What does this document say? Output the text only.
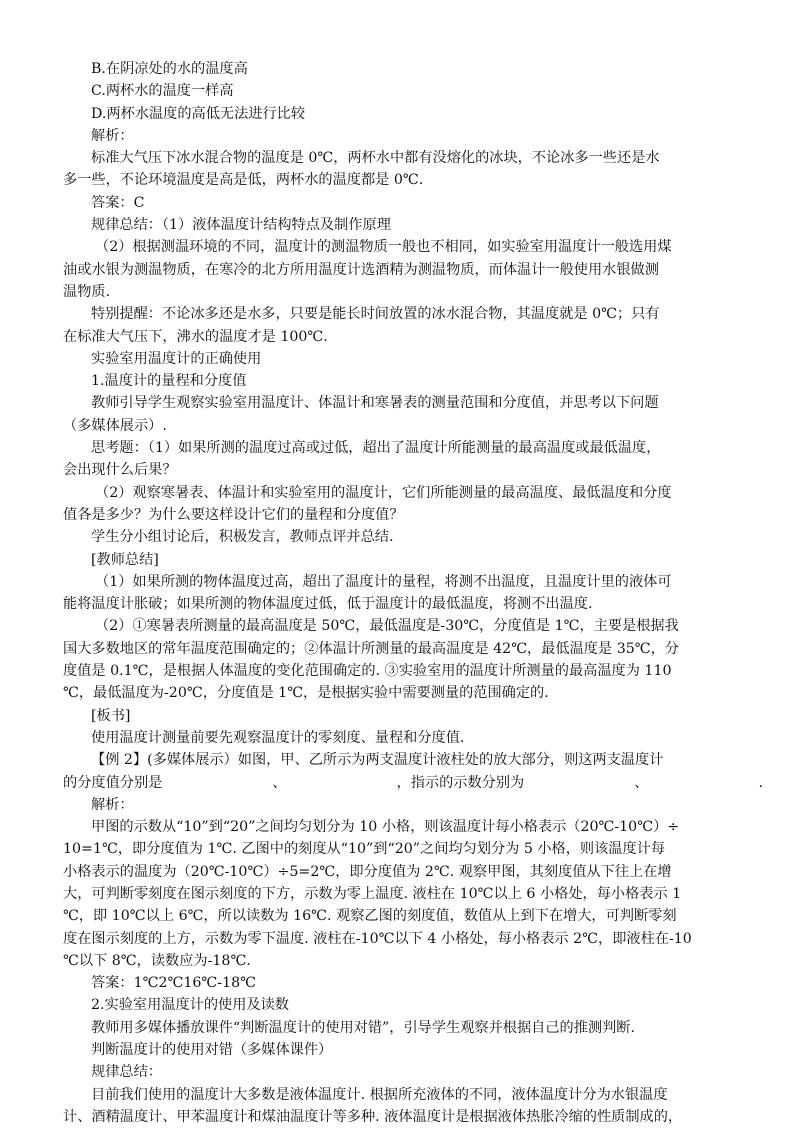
B.在阴凉处的水的温度高
C.两杯水的温度一样高
D.两杯水温度的高低无法进行比较
解析：
标准大气压下冰水混合物的温度是 0℃，两杯水中都有没熔化的冰块，不论冰多一些还是水
多一些，不论环境温度是高是低，两杯水的温度都是 0℃.
答案：C
规律总结：（1）液体温度计结构特点及制作原理
（2）根据测温环境的不同，温度计的测温物质一般也不相同，如实验室用温度计一般选用煤
油或水银为测温物质，在寒冷的北方所用温度计选酒精为测温物质，而体温计一般使用水银做测
温物质.
特别提醒：不论冰多还是水多，只要是能长时间放置的冰水混合物，其温度就是 0℃；只有
在标准大气压下，沸水的温度才是 100℃.
实验室用温度计的正确使用
1.温度计的量程和分度值
教师引导学生观察实验室用温度计、体温计和寒暑表的测量范围和分度值，并思考以下问题
（多媒体展示）.
思考题：（1）如果所测的温度过高或过低，超出了温度计所能测量的最高温度或最低温度，
会出现什么后果？
（2）观察寒暑表、体温计和实验室用的温度计，它们所能测量的最高温度、最低温度和分度
值各是多少？为什么要这样设计它们的量程和分度值？
学生分小组讨论后，积极发言，教师点评并总结.
[教师总结]
（1）如果所测的物体温度过高，超出了温度计的量程，将测不出温度，且温度计里的液体可
能将温度计胀破；如果所测的物体温度过低，低于温度计的最低温度，将测不出温度.
（2）①寒暑表所测量的最高温度是 50℃，最低温度是-30℃，分度值是 1℃，主要是根据我
国大多数地区的常年温度范围确定的；②体温计所测量的最高温度是 42℃，最低温度是 35℃，分
度值是 0.1℃，是根据人体温度的变化范围确定的. ③实验室用的温度计所测量的最高温度为 110
℃，最低温度为-20℃，分度值是 1℃，是根据实验中需要测量的范围确定的.
[板书]
使用温度计测量前要先观察温度计的零刻度、量程和分度值.
【例 2】(多媒体展示）如图，甲、乙所示为两支温度计液柱处的放大部分，则这两支温度计
的分度值分别是	、	，指示的示数分别为	、	.
解析：
甲图的示数从“10”到“20”之间均匀划分为 10 小格，则该温度计每小格表示（20℃-10℃）÷
10=1℃，即分度值为 1℃. 乙图中的刻度从“10”到“20”之间均匀划分为 5 小格，则该温度计每
小格表示的温度为（20℃-10℃）÷5=2℃，即分度值为 2℃. 观察甲图，其刻度值从下往上在增
大，可判断零刻度在图示刻度的下方，示数为零上温度. 液柱在 10℃以上 6 小格处，每小格表示 1
℃，即 10℃以上 6℃，所以读数为 16℃. 观察乙图的刻度值，数值从上到下在增大，可判断零刻
度在图示刻度的上方，示数为零下温度. 液柱在-10℃以下 4 小格处，每小格表示 2℃，即液柱在-10
℃以下 8℃，读数应为-18℃.
答案：1℃2℃16℃-18℃
2.实验室用温度计的使用及读数
教师用多媒体播放课件“判断温度计的使用对错”，引导学生观察并根据自己的推测判断.
判断温度计的使用对错（多媒体课件）
规律总结：
目前我们使用的温度计大多数是液体温度计. 根据所充液体的不同，液体温度计分为水银温度
计、酒精温度计、甲苯温度计和煤油温度计等多种. 液体温度计是根据液体热胀冷缩的性质制成的，
